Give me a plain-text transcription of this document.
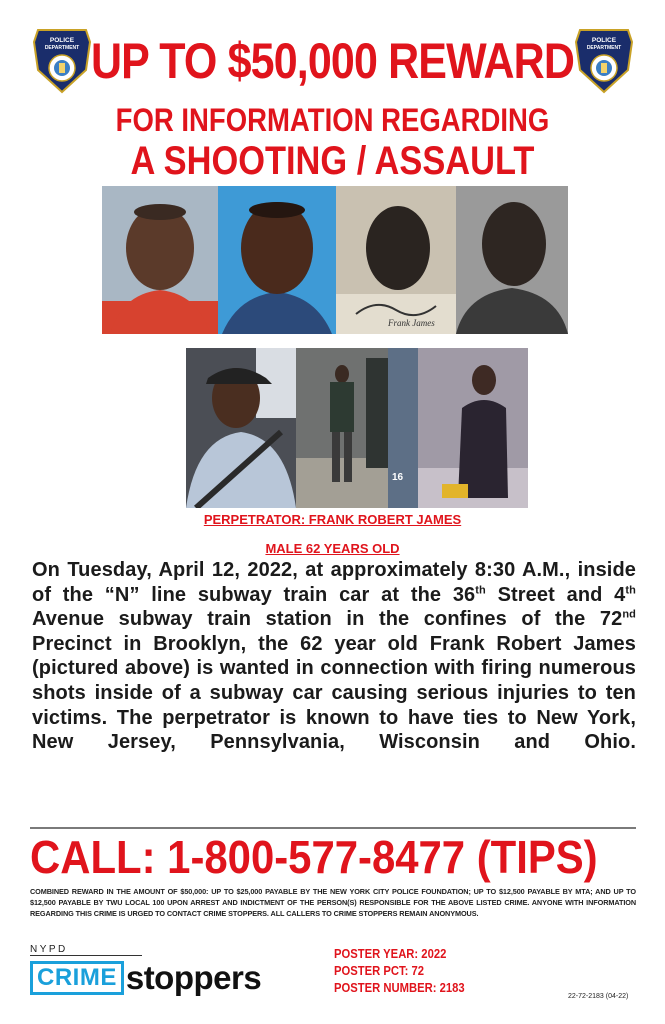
POLICE
DEPARTMENT
POLICE
DEPARTMENT
UP TO $50,000 REWARD
FOR INFORMATION REGARDING
A SHOOTING / ASSAULT
Frank James
16
PERPETRATOR: FRANK ROBERT JAMES
MALE 62 YEARS OLD

On Tuesday, April 12, 2022, at approximately 8:30 A.M., inside of the “N” line subway train car at the 36th Street and 4th Avenue subway train station in the confines of the 72nd Precinct in Brooklyn, the 62 year old Frank Robert James (pictured above) is wanted in connection with firing numerous shots inside of a subway car causing serious injuries to ten victims. The perpetrator is known to have ties to New York, New Jersey, Pennsylvania, Wisconsin and Ohio.

CALL: 1-800-577-8477 (TIPS)
COMBINED REWARD IN THE AMOUNT OF $50,000: UP TO $25,000 PAYABLE BY THE NEW YORK CITY POLICE FOUNDATION; UP TO $12,500 PAYABLE BY MTA; AND UP TO $12,500 PAYABLE BY TWU LOCAL 100 UPON ARREST AND INDICTMENT OF THE PERSON(S) RESPONSIBLE FOR THE ABOVE LISTED CRIME. ANYONE WITH INFORMATION REGARDING THIS CRIME IS URGED TO CONTACT CRIME STOPPERS. ALL CALLERS TO CRIME STOPPERS REMAIN ANONYMOUS.
NYPD
CRIME stoppers
POSTER YEAR: 2022
POSTER PCT: 72
POSTER NUMBER: 2183
22-72-2183 (04-22)
